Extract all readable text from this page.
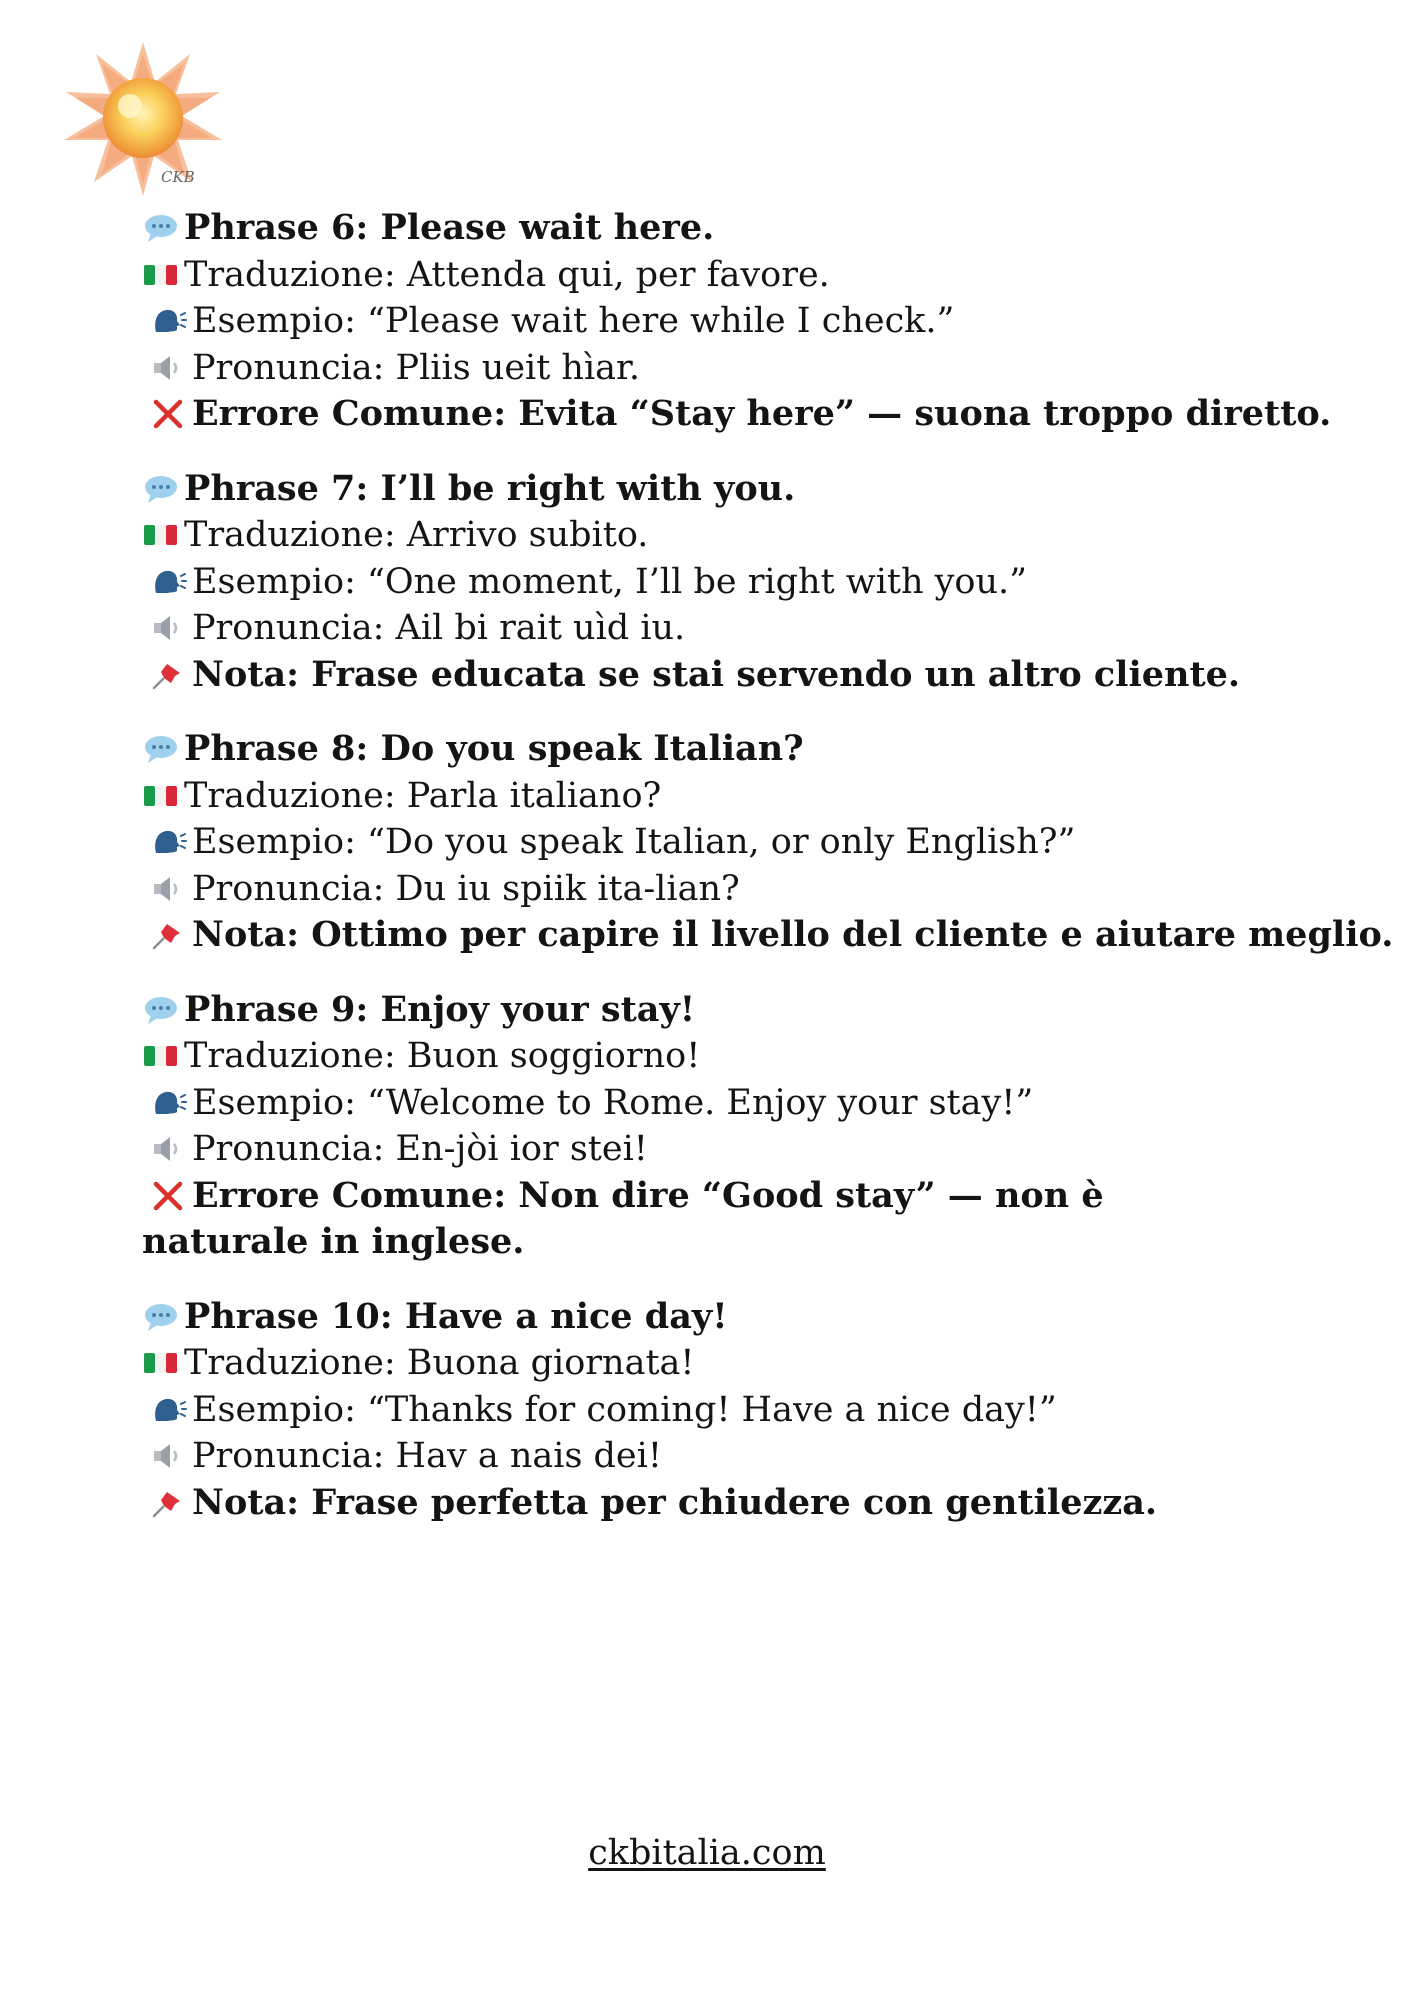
CKB
Phrase 6: Please wait here.
Traduzione: Attenda qui, per favore.
Esempio: “Please wait here while I check.”
Pronuncia: Pliis ueit hìar.
Errore Comune: Evita “Stay here” — suona troppo diretto.
Phrase 7: I’ll be right with you.
Traduzione: Arrivo subito.
Esempio: “One moment, I’ll be right with you.”
Pronuncia: Ail bi rait uìd iu.
Nota: Frase educata se stai servendo un altro cliente.
Phrase 8: Do you speak Italian?
Traduzione: Parla italiano?
Esempio: “Do you speak Italian, or only English?”
Pronuncia: Du iu spiik ita-lian?
Nota: Ottimo per capire il livello del cliente e aiutare meglio.
Phrase 9: Enjoy your stay!
Traduzione: Buon soggiorno!
Esempio: “Welcome to Rome. Enjoy your stay!”
Pronuncia: En-jòi ior stei!
Errore Comune: Non dire “Good stay” — non è naturale in inglese.
Phrase 10: Have a nice day!
Traduzione: Buona giornata!
Esempio: “Thanks for coming! Have a nice day!”
Pronuncia: Hav a nais dei!
Nota: Frase perfetta per chiudere con gentilezza.
ckbitalia.com
